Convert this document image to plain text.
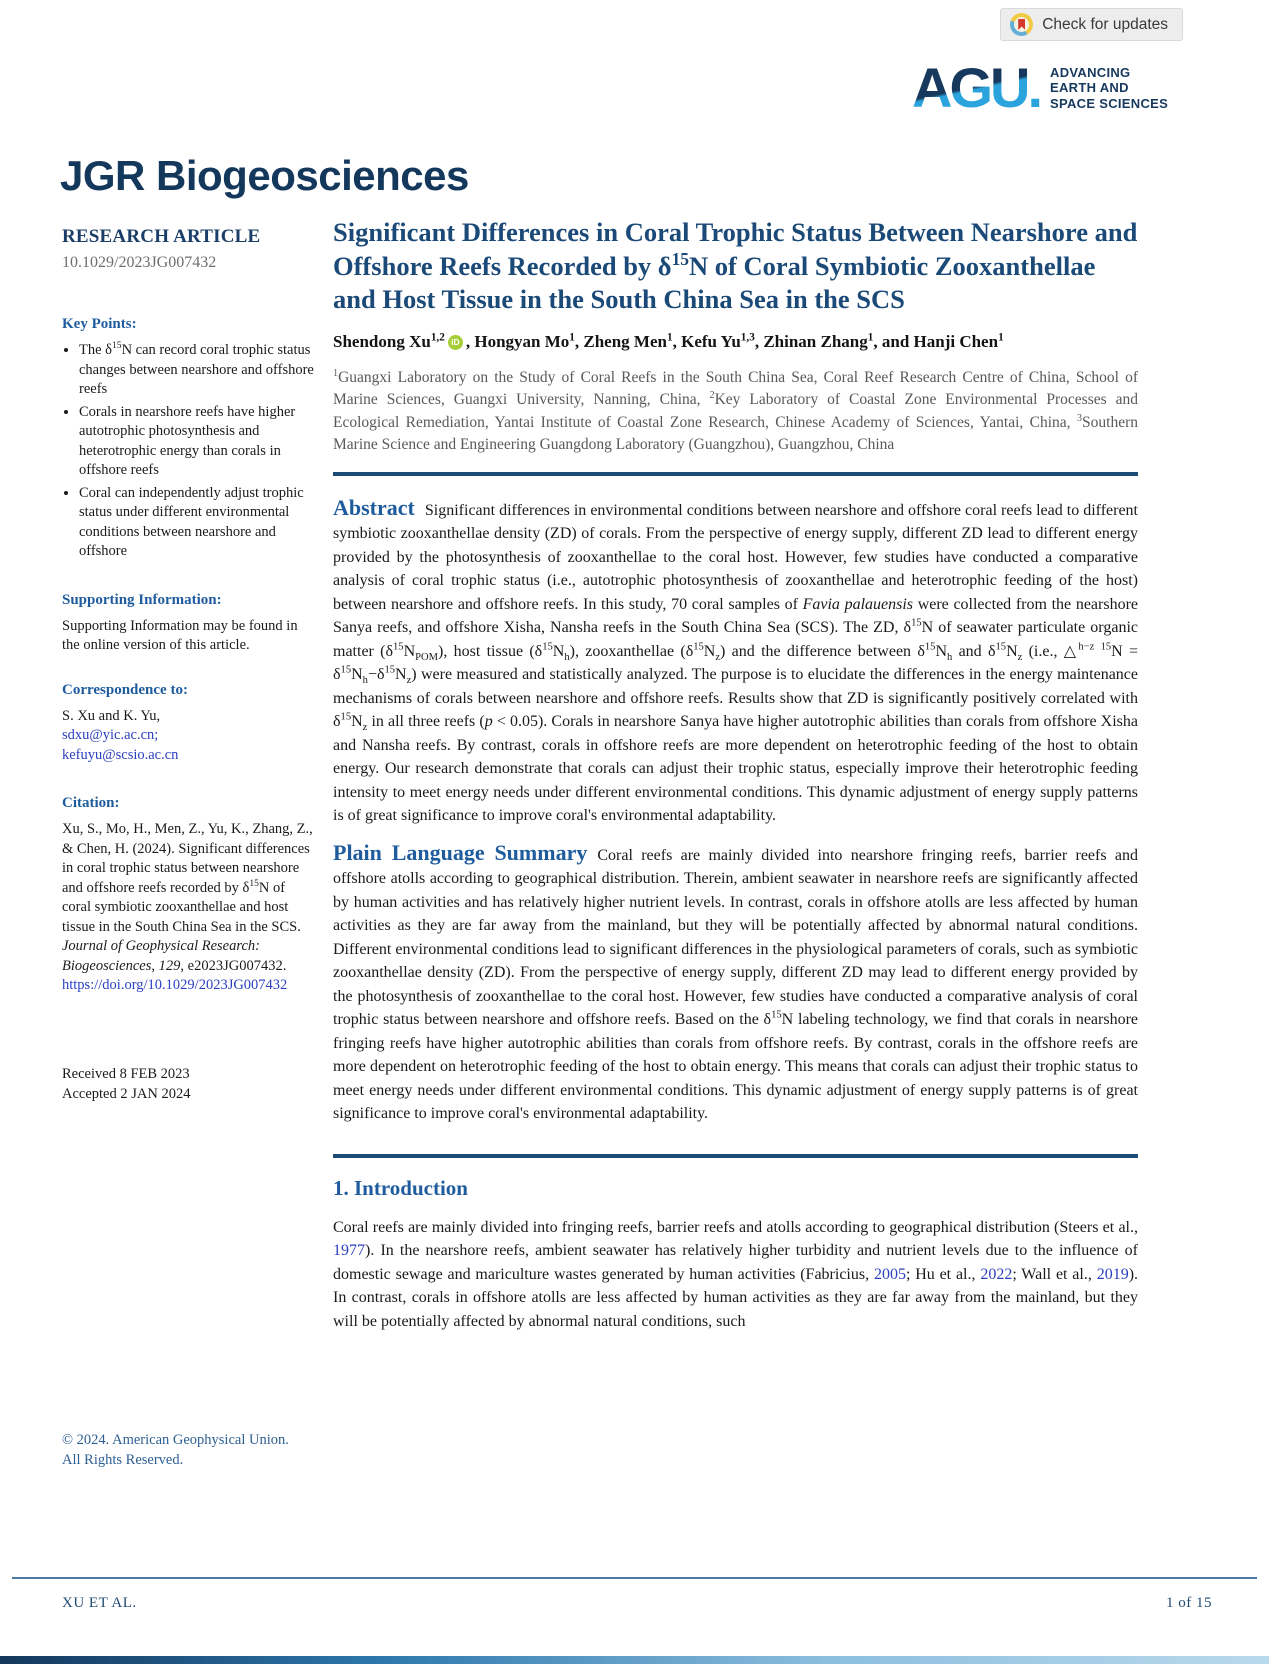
Check for updates
AGU. ADVANCING
EARTH AND
SPACE SCIENCES
JGR Biogeosciences
RESEARCH ARTICLE
10.1029/2023JG007432
Key Points:
• The $\delta^{15}N$ can record coral trophic status changes between nearshore and offshore reefs
• Corals in nearshore reefs have higher autotrophic photosynthesis and heterotrophic energy than corals in offshore reefs
• Coral can independently adjust trophic status under different environmental conditions between nearshore and offshore
Supporting Information:
Supporting Information may be found in the online version of this article.
Correspondence to:
S. Xu and K. Yu,
sdxu@yic.ac.cn;
kefuyu@scsio.ac.cn
Citation:
Xu, S., Mo, H., Men, Z., Yu, K., Zhang, Z., & Chen, H. (2024). Significant differences in coral trophic status between nearshore and offshore reefs recorded by $\delta^{15}N$ of coral symbiotic zooxanthellae and host tissue in the South China Sea in the SCS. Journal of Geophysical Research: Biogeosciences, 129, e2023JG007432. https://doi.org/10.1029/2023JG007432
Received 8 FEB 2023
Accepted 2 JAN 2024
© 2024. American Geophysical Union.
All Rights Reserved.
Significant Differences in Coral Trophic Status Between Nearshore and Offshore Reefs Recorded by $\delta^{15}N$ of Coral Symbiotic Zooxanthellae and Host Tissue in the South China Sea in the SCS
Shendong Xu$^{1,2}$ iD , Hongyan Mo$^1$, Zheng Men$^1$, Kefu Yu$^{1,3}$, Zhinan Zhang$^1$, and Hanji Chen$^1$
$^1$Guangxi Laboratory on the Study of Coral Reefs in the South China Sea, Coral Reef Research Centre of China, School of Marine Sciences, Guangxi University, Nanning, China, $^2$Key Laboratory of Coastal Zone Environmental Processes and Ecological Remediation, Yantai Institute of Coastal Zone Research, Chinese Academy of Sciences, Yantai, China, $^3$Southern Marine Science and Engineering Guangdong Laboratory (Guangzhou), Guangzhou, China

Abstract Significant differences in environmental conditions between nearshore and offshore coral reefs lead to different symbiotic zooxanthellae density (ZD) of corals. From the perspective of energy supply, different ZD lead to different energy provided by the photosynthesis of zooxanthellae to the coral host. However, few studies have conducted a comparative analysis of coral trophic status (i.e., autotrophic photosynthesis of zooxanthellae and heterotrophic feeding of the host) between nearshore and offshore reefs. In this study, 70 coral samples of Favia palauensis were collected from the nearshore Sanya reefs, and offshore Xisha, Nansha reefs in the South China Sea (SCS). The ZD, $\delta^{15}N$ of seawater particulate organic matter $(\delta^{15}N_{POM})$, host tissue $(\delta^{15}N_h)$, zooxanthellae $(\delta^{15}N_z)$ and the difference between $\delta^{15}N_h$ and $\delta^{15}N_z$ (i.e., △$^{h-z}$ $^{15}N = \delta^{15}N_h-\delta^{15}N_z$) were measured and statistically analyzed. The purpose is to elucidate the differences in the energy maintenance mechanisms of corals between nearshore and offshore reefs. Results show that ZD is significantly positively correlated with $\delta^{15}N_z$ in all three reefs (p < 0.05). Corals in nearshore Sanya have higher autotrophic abilities than corals from offshore Xisha and Nansha reefs. By contrast, corals in offshore reefs are more dependent on heterotrophic feeding of the host to obtain energy. Our research demonstrate that corals can adjust their trophic status, especially improve their heterotrophic feeding intensity to meet energy needs under different environmental conditions. This dynamic adjustment of energy supply patterns is of great significance to improve coral's environmental adaptability.

Plain Language Summary Coral reefs are mainly divided into nearshore fringing reefs, barrier reefs and offshore atolls according to geographical distribution. Therein, ambient seawater in nearshore reefs are significantly affected by human activities and has relatively higher nutrient levels. In contrast, corals in offshore atolls are less affected by human activities as they are far away from the mainland, but they will be potentially affected by abnormal natural conditions. Different environmental conditions lead to significant differences in the physiological parameters of corals, such as symbiotic zooxanthellae density (ZD). From the perspective of energy supply, different ZD may lead to different energy provided by the photosynthesis of zooxanthellae to the coral host. However, few studies have conducted a comparative analysis of coral trophic status between nearshore and offshore reefs. Based on the $\delta^{15}N$ labeling technology, we find that corals in nearshore fringing reefs have higher autotrophic abilities than corals from offshore reefs. By contrast, corals in the offshore reefs are more dependent on heterotrophic feeding of the host to obtain energy. This means that corals can adjust their trophic status to meet energy needs under different environmental conditions. This dynamic adjustment of energy supply patterns is of great significance to improve coral's environmental adaptability.

1. Introduction

Coral reefs are mainly divided into fringing reefs, barrier reefs and atolls according to geographical distribution (Steers et al., 1977). In the nearshore reefs, ambient seawater has relatively higher turbidity and nutrient levels due to the influence of domestic sewage and mariculture wastes generated by human activities (Fabricius, 2005; Hu et al., 2022; Wall et al., 2019). In contrast, corals in offshore atolls are less affected by human activities as they are far away from the mainland, but they will be potentially affected by abnormal natural conditions, such

XU ET AL.	1 of 15
